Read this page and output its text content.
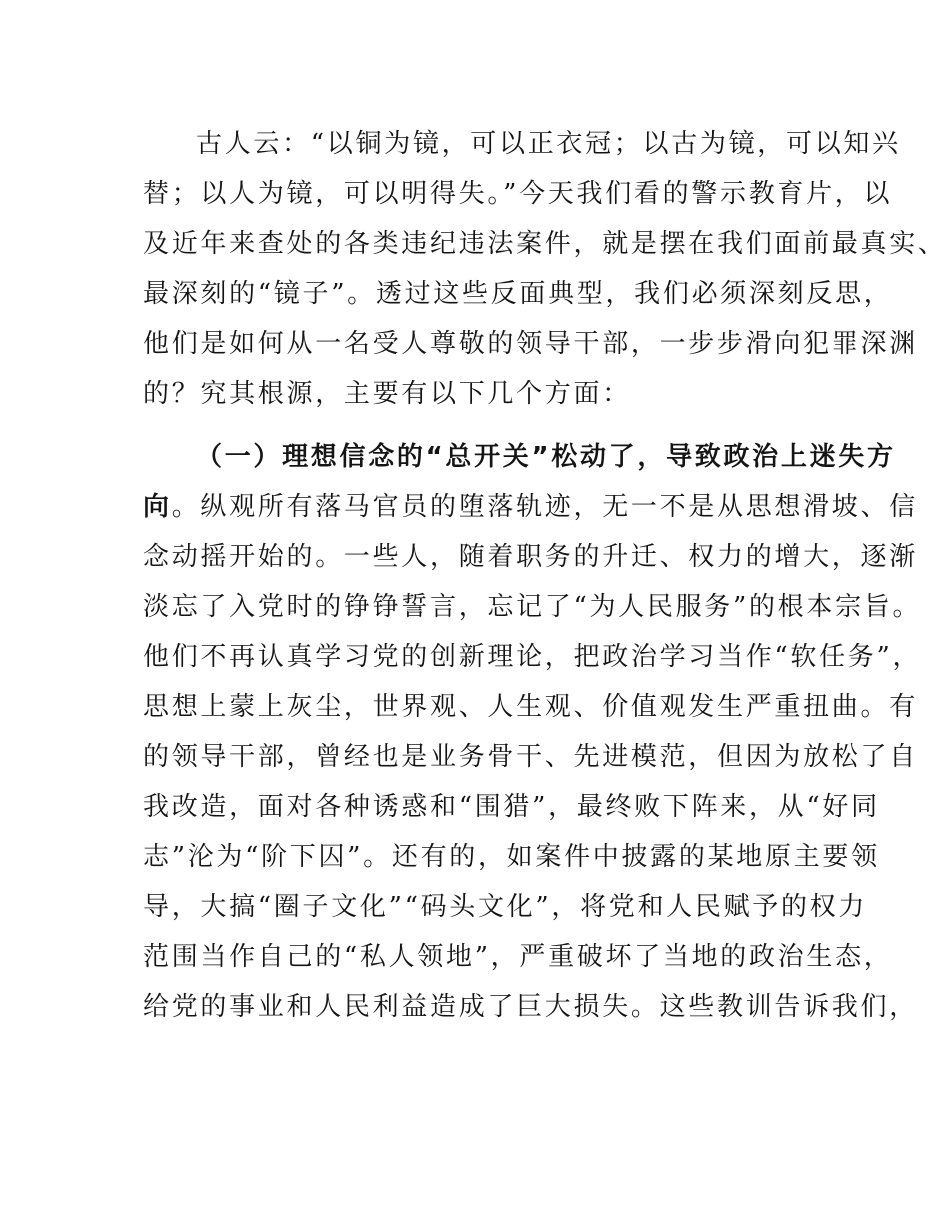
古人云：“以铜为镜，可以正衣冠；以古为镜，可以知兴
替；以人为镜，可以明得失。”今天我们看的警示教育片，以
及近年来查处的各类违纪违法案件，就是摆在我们面前最真实、
最深刻的“镜子”。透过这些反面典型，我们必须深刻反思，
他们是如何从一名受人尊敬的领导干部，一步步滑向犯罪深渊
的？究其根源，主要有以下几个方面：
（一）理想信念的“总开关”松动了，导致政治上迷失方
向。纵观所有落马官员的堕落轨迹，无一不是从思想滑坡、信
念动摇开始的。一些人，随着职务的升迁、权力的增大，逐渐
淡忘了入党时的铮铮誓言，忘记了“为人民服务”的根本宗旨。
他们不再认真学习党的创新理论，把政治学习当作“软任务”，
思想上蒙上灰尘，世界观、人生观、价值观发生严重扭曲。有
的领导干部，曾经也是业务骨干、先进模范，但因为放松了自
我改造，面对各种诱惑和“围猎”，最终败下阵来，从“好同
志”沦为“阶下囚”。还有的，如案件中披露的某地原主要领
导，大搞“圈子文化”“码头文化”，将党和人民赋予的权力
范围当作自己的“私人领地”，严重破坏了当地的政治生态，
给党的事业和人民利益造成了巨大损失。这些教训告诉我们，
